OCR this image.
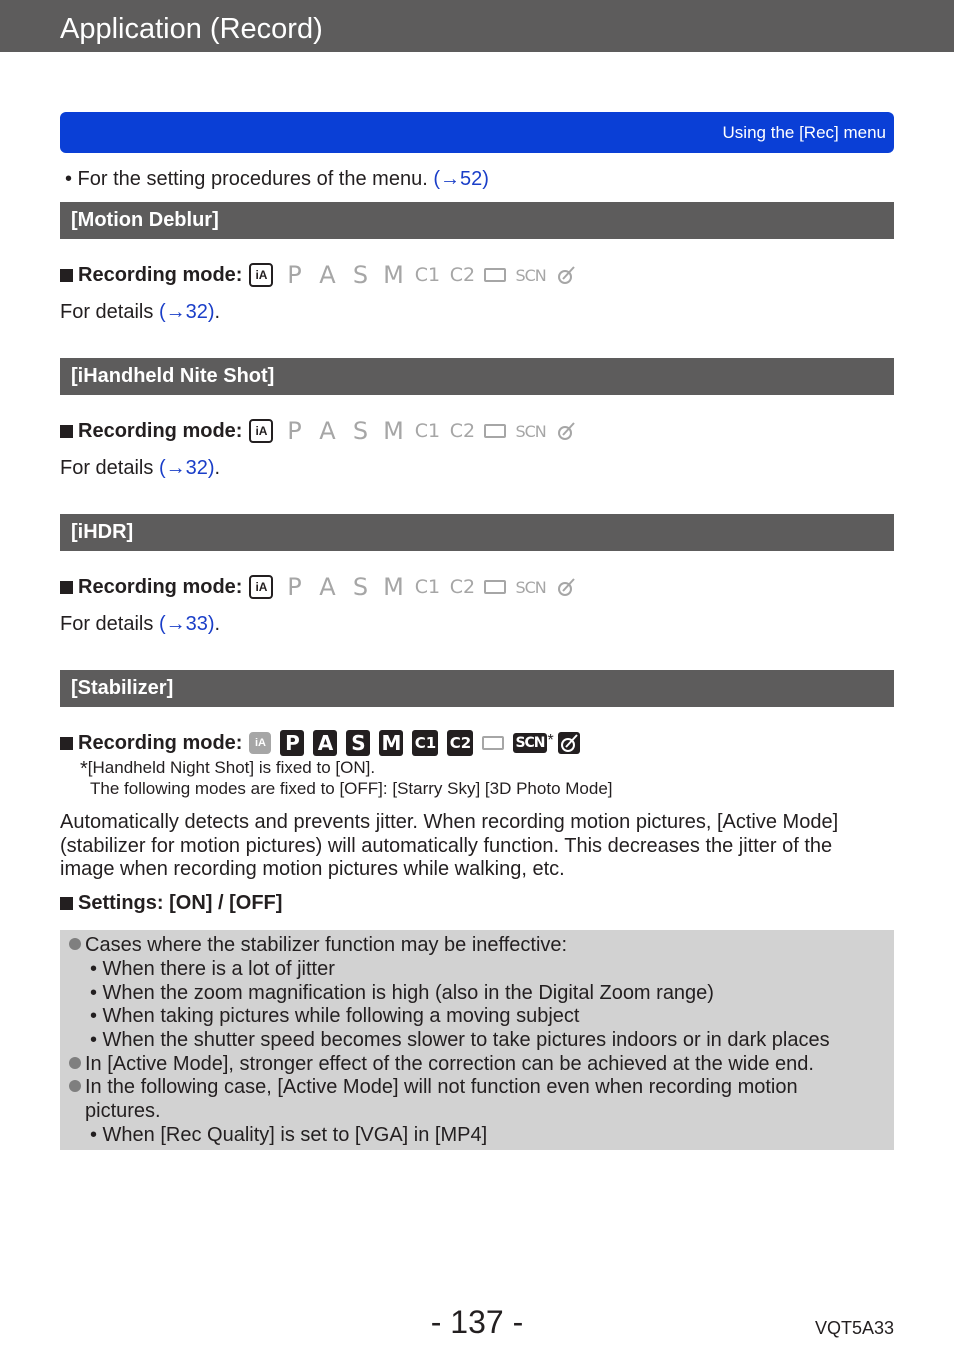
Application (Record)
Using the [Rec] menu
• For the setting procedures of the menu. (→52)
[Motion Deblur]
Recording mode:	iA P A S M C1 C2	SCN
For details (→32).
[iHandheld Nite Shot]
Recording mode:	iA P A S M C1 C2	SCN
For details (→32).
[iHDR]
Recording mode:	iA P A S M C1 C2	SCN
For details (→33).
[Stabilizer]
Recording mode:	iA P A S M C1 C2	SCN *
*[Handheld Night Shot] is fixed to [ON].
The following modes are fixed to [OFF]: [Starry Sky] [3D Photo Mode]
Automatically detects and prevents jitter. When recording motion pictures, [Active Mode]
(stabilizer for motion pictures) will automatically function. This decreases the jitter of the
image when recording motion pictures while walking, etc.
Settings: [ON] / [OFF]
Cases where the stabilizer function may be ineffective:
• When there is a lot of jitter
• When the zoom magnification is high (also in the Digital Zoom range)
• When taking pictures while following a moving subject
• When the shutter speed becomes slower to take pictures indoors or in dark places
In [Active Mode], stronger effect of the correction can be achieved at the wide end.
In the following case, [Active Mode] will not function even when recording motion
pictures.
• When [Rec Quality] is set to [VGA] in [MP4]
- 137 -	VQT5A33
